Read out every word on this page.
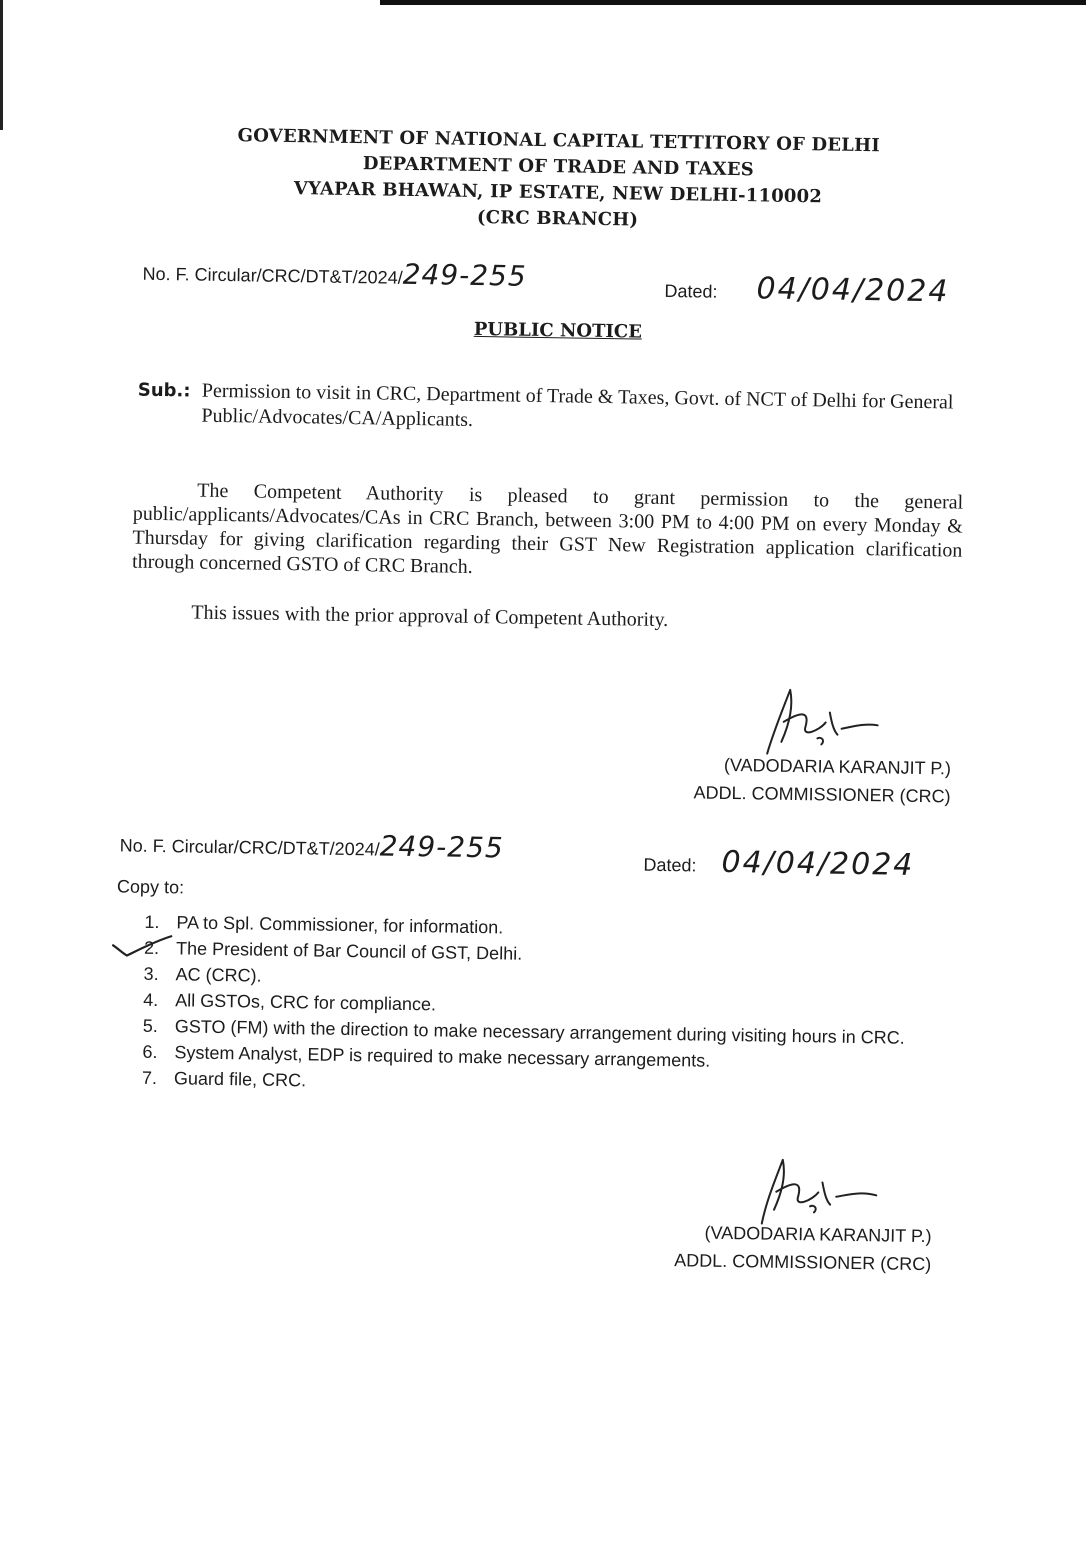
GOVERNMENT OF NATIONAL CAPITAL TETTITORY OF DELHI
DEPARTMENT OF TRADE AND TAXES
VYAPAR BHAWAN, IP ESTATE, NEW DELHI-110002
(CRC BRANCH)
No. F. Circular/CRC/DT&T/2024/249-255	Dated: 04/04/2024
PUBLIC NOTICE
Sub.: Permission to visit in CRC, Department of Trade & Taxes, Govt. of NCT of Delhi for General Public/Advocates/CA/Applicants.
The Competent Authority is pleased to grant permission to the general public/applicants/Advocates/CAs in CRC Branch, between 3:00 PM to 4:00 PM on every Monday & Thursday for giving clarification regarding their GST New Registration application clarification through concerned GSTO of CRC Branch.
This issues with the prior approval of Competent Authority.
(VADODARIA KARANJIT P.)
ADDL. COMMISSIONER (CRC)
No. F. Circular/CRC/DT&T/2024/249-255
Dated: 04/04/2024
Copy to:
1. PA to Spl. Commissioner, for information.
2. The President of Bar Council of GST, Delhi.
3. AC (CRC).
4. All GSTOs, CRC for compliance.
5. GSTO (FM) with the direction to make necessary arrangement during visiting hours in CRC.
6. System Analyst, EDP is required to make necessary arrangements.
7. Guard file, CRC.
(VADODARIA KARANJIT P.)
ADDL. COMMISSIONER (CRC)
